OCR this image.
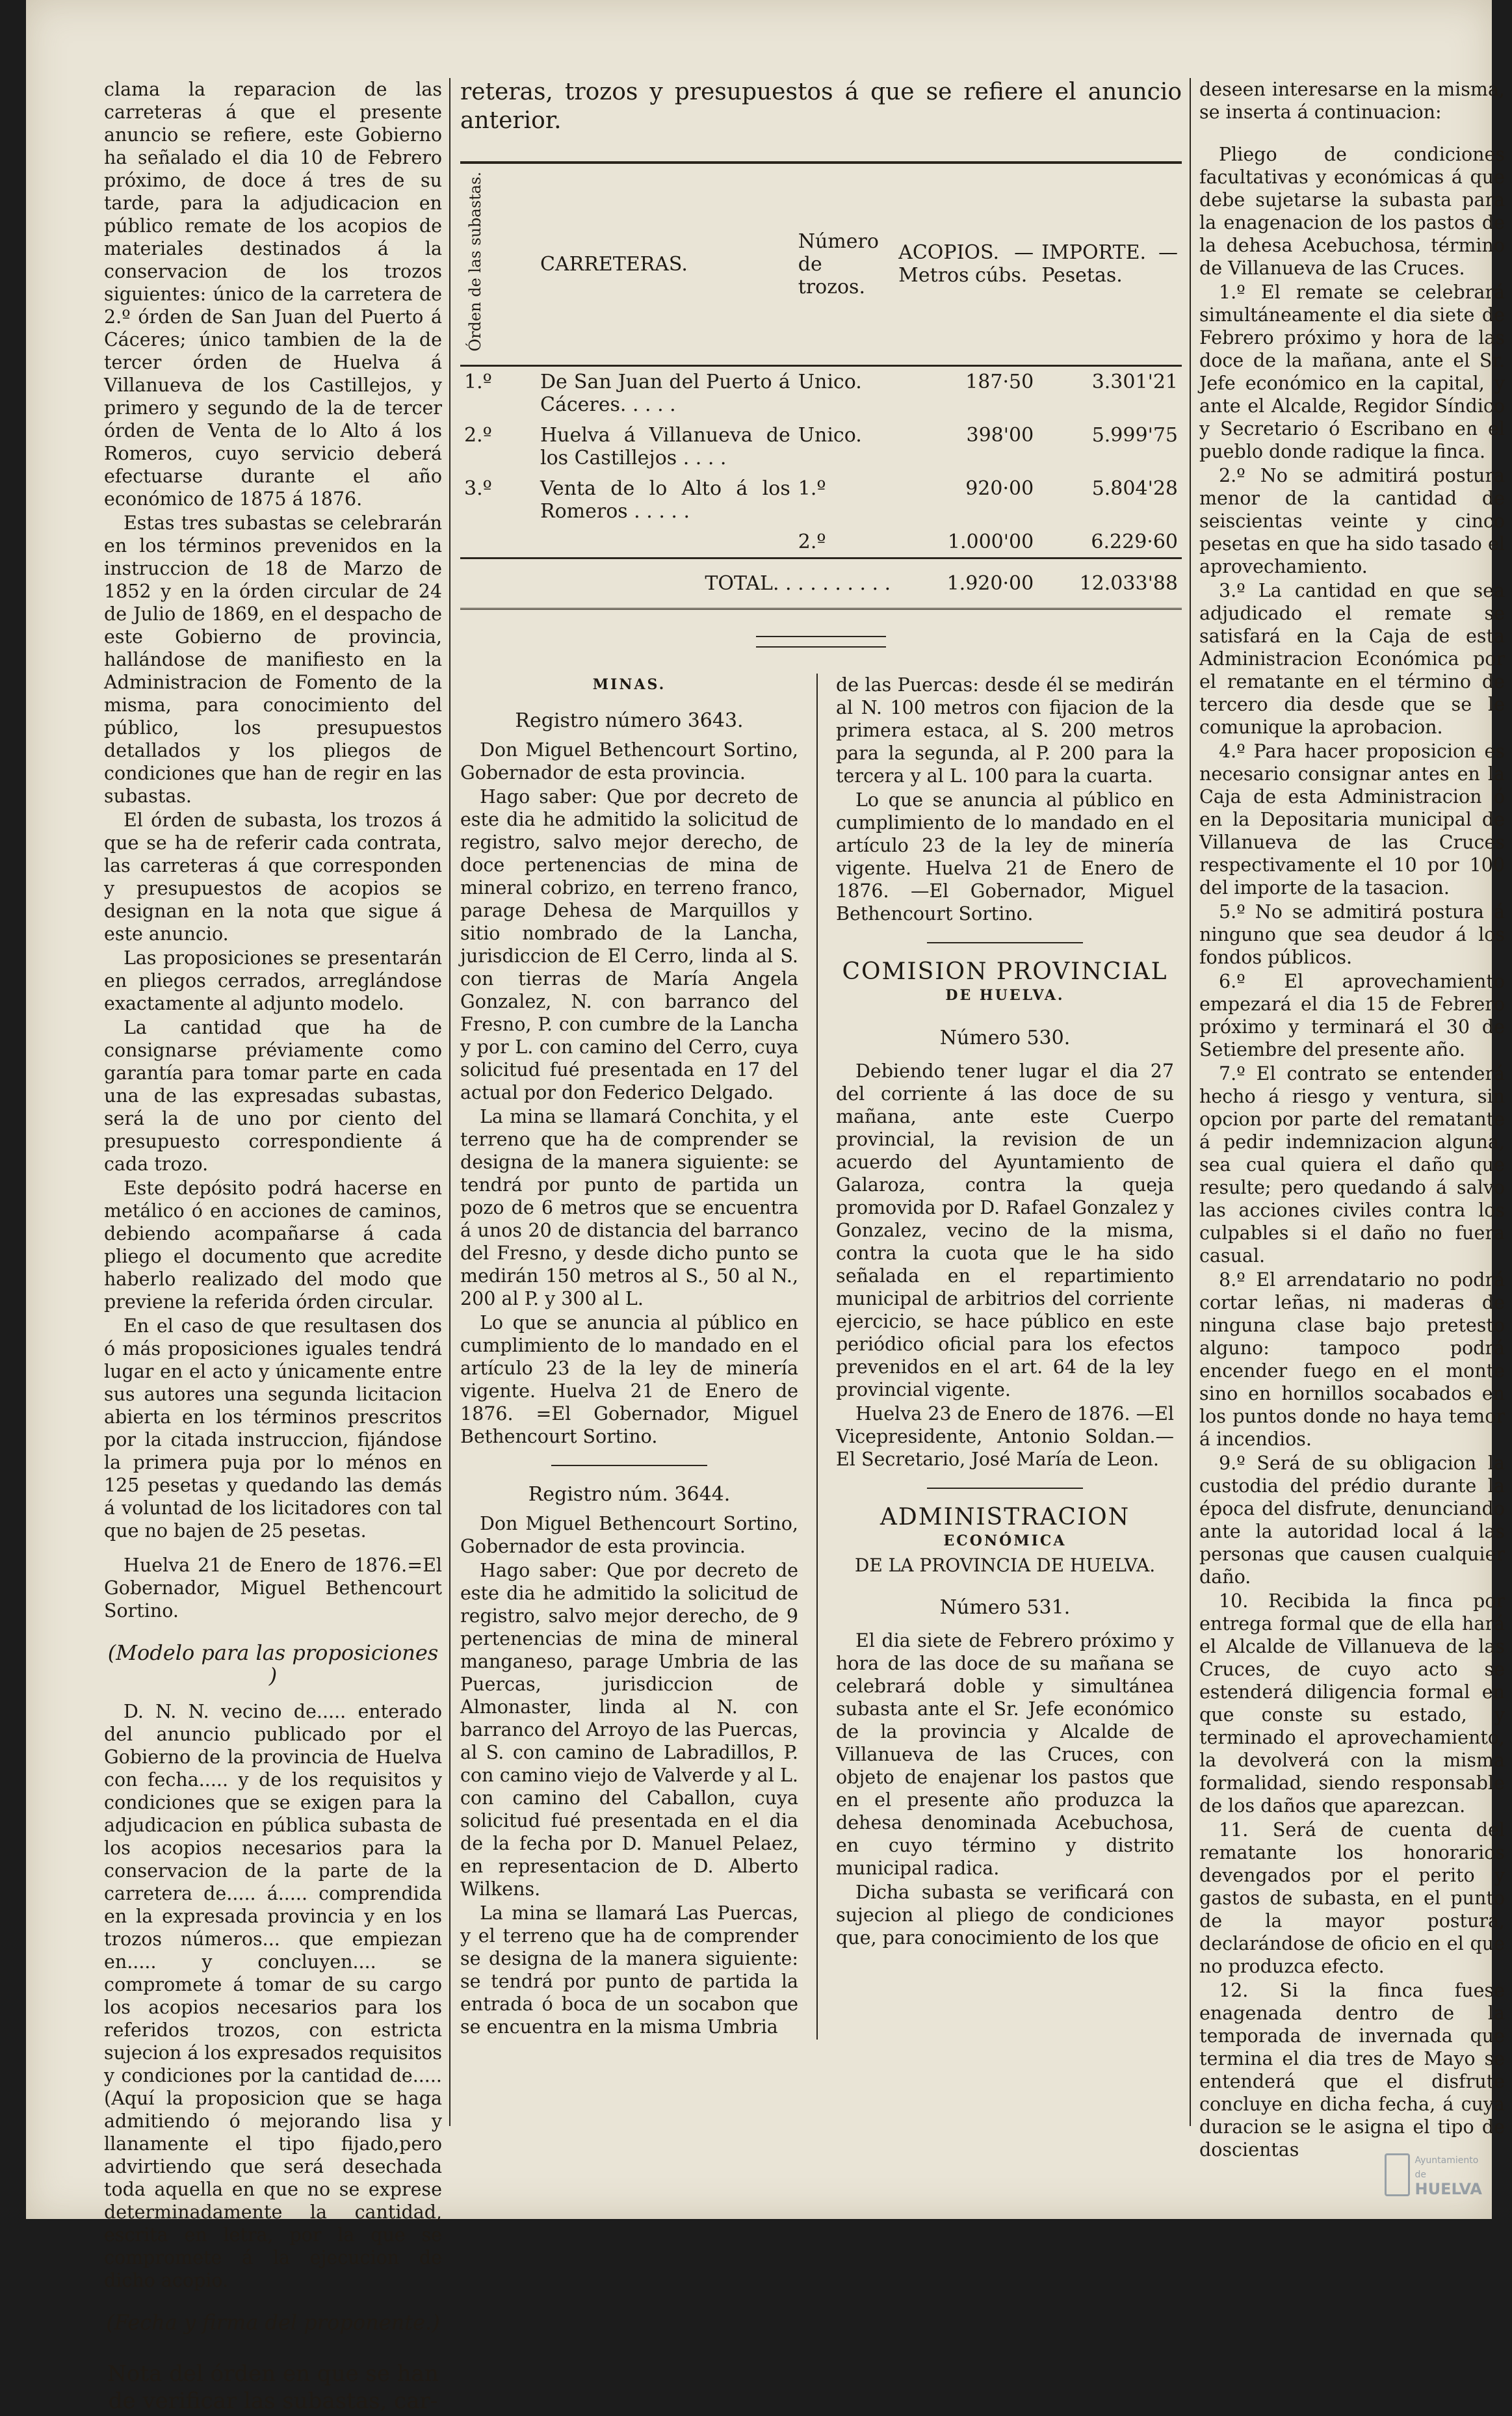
clama la reparacion de las carreteras á que el presente anuncio se refiere, este Gobierno ha señalado el dia 10 de Febrero próximo, de doce á tres de su tarde, para la adjudicacion en público remate de los acopios de materiales destinados á la conservacion de los trozos siguientes: único de la carretera de 2.º órden de San Juan del Puerto á Cáceres; único tambien de la de tercer órden de Huelva á Villanueva de los Castillejos, y primero y segundo de la de tercer órden de Venta de lo Alto á los Romeros, cuyo servicio deberá efectuarse durante el año económico de 1875 á 1876.

Estas tres subastas se celebrarán en los términos prevenidos en la instruccion de 18 de Marzo de 1852 y en la órden circular de 24 de Julio de 1869, en el despacho de este Gobierno de provincia, hallándose de manifiesto en la Administracion de Fomento de la misma, para conocimiento del público, los presupuestos detallados y los pliegos de condiciones que han de regir en las subastas.

El órden de subasta, los trozos á que se ha de referir cada contrata, las carreteras á que corresponden y presupuestos de acopios se designan en la nota que sigue á este anuncio.

Las proposiciones se presentarán en pliegos cerrados, arreglándose exactamente al adjunto modelo.

La cantidad que ha de consignarse préviamente como garantía para tomar parte en cada una de las expresadas subastas, será la de uno por ciento del presupuesto correspondiente á cada trozo.

Este depósito podrá hacerse en metálico ó en acciones de caminos, debiendo acompañarse á cada pliego el documento que acredite haberlo realizado del modo que previene la referida órden circular.

En el caso de que resultasen dos ó más proposiciones iguales tendrá lugar en el acto y únicamente entre sus autores una segunda licitacion abierta en los términos prescritos por la citada instruccion, fijándose la primera puja por lo ménos en 125 pesetas y quedando las demás á voluntad de los licitadores con tal que no bajen de 25 pesetas.

Huelva 21 de Enero de 1876.=El Gobernador, Miguel Bethencourt Sortino.

(Modelo para las proposiciones )

D. N. N. vecino de..... enterado del anuncio publicado por el Gobierno de la provincia de Huelva con fecha..... y de los requisitos y condiciones que se exigen para la adjudicacion en pública subasta de los acopios necesarios para la conservacion de la parte de la carretera de..... á..... comprendida en la expresada provincia y en los trozos números... que empiezan en..... y concluyen.... se compromete á tomar de su cargo los acopios necesarios para los referidos trozos, con estricta sujecion á los expresados requisitos y condiciones por la cantidad de..... (Aquí la proposicion que se haga admitiendo ó mejorando lisa y llanamente el tipo fijado,pero advirtiendo que será desechada toda aquella en que no se exprese determinadamente la cantidad, escrita en letra, por la que se compromete á la ejecucion de dicho acopio.

(Fecha y firma del proponente.)

Nota del órden en que se han de verificar las subastas, car-

reteras, trozos y presupuestos á que se refiere el anuncio anterior.

Órden de las subastas.	CARRETERAS.	Número de trozos.	ACOPIOS. — Metros cúbs.	IMPORTE. — Pesetas.
1.º	De San Juan del Puerto á Cáceres. . . . .	Unico.	187·50	3.301'21
2.º	Huelva á Villanueva de los Castillejos . . . .	Unico.	398'00	5.999'75
3.º	Venta de lo Alto á los Romeros . . . . .	1.º	920·00	5.804'28
		2.º	1.000'00	6.229·60
	TOTAL. . . . . . . . . .		1.920·00	12.033'88

MINAS.

Registro número 3643.

Don Miguel Bethencourt Sortino, Gobernador de esta provincia.

Hago saber: Que por decreto de este dia he admitido la solicitud de registro, salvo mejor derecho, de doce pertenencias de mina de mineral cobrizo, en terreno franco, parage Dehesa de Marquillos y sitio nombrado de la Lancha, jurisdiccion de El Cerro, linda al S. con tierras de María Angela Gonzalez, N. con barranco del Fresno, P. con cumbre de la Lancha y por L. con camino del Cerro, cuya solicitud fué presentada en 17 del actual por don Federico Delgado.

La mina se llamará Conchita, y el terreno que ha de comprender se designa de la manera siguiente: se tendrá por punto de partida un pozo de 6 metros que se encuentra á unos 20 de distancia del barranco del Fresno, y desde dicho punto se medirán 150 metros al S., 50 al N., 200 al P. y 300 al L.

Lo que se anuncia al público en cumplimiento de lo mandado en el artículo 23 de la ley de minería vigente. Huelva 21 de Enero de 1876. =El Gobernador, Miguel Bethencourt Sortino.

Registro núm. 3644.

Don Miguel Bethencourt Sortino, Gobernador de esta provincia.

Hago saber: Que por decreto de este dia he admitido la solicitud de registro, salvo mejor derecho, de 9 pertenencias de mina de mineral manganeso, parage Umbria de las Puercas, jurisdiccion de Almonaster, linda al N. con barranco del Arroyo de las Puercas, al S. con camino de Labradillos, P. con camino viejo de Valverde y al L. con camino del Caballon, cuya solicitud fué presentada en el dia de la fecha por D. Manuel Pelaez, en representacion de D. Alberto Wilkens.

La mina se llamará Las Puercas, y el terreno que ha de comprender se designa de la manera siguiente: se tendrá por punto de partida la entrada ó boca de un socabon que se encuentra en la misma Umbria

de las Puercas: desde él se medirán al N. 100 metros con fijacion de la primera estaca, al S. 200 metros para la segunda, al P. 200 para la tercera y al L. 100 para la cuarta.

Lo que se anuncia al público en cumplimiento de lo mandado en el artículo 23 de la ley de minería vigente. Huelva 21 de Enero de 1876. —El Gobernador, Miguel Bethencourt Sortino.

COMISION PROVINCIAL

DE HUELVA.

Número 530.

Debiendo tener lugar el dia 27 del corriente á las doce de su mañana, ante este Cuerpo provincial, la revision de un acuerdo del Ayuntamiento de Galaroza, contra la queja promovida por D. Rafael Gonzalez y Gonzalez, vecino de la misma, contra la cuota que le ha sido señalada en el repartimiento municipal de arbitrios del corriente ejercicio, se hace público en este periódico oficial para los efectos prevenidos en el art. 64 de la ley provincial vigente.

Huelva 23 de Enero de 1876. —El Vicepresidente, Antonio Soldan.—El Secretario, José María de Leon.

ADMINISTRACION

ECONÓMICA

DE LA PROVINCIA DE HUELVA.

Número 531.

El dia siete de Febrero próximo y hora de las doce de su mañana se celebrará doble y simultánea subasta ante el Sr. Jefe económico de la provincia y Alcalde de Villanueva de las Cruces, con objeto de enajenar los pastos que en el presente año produzca la dehesa denominada Acebuchosa, en cuyo término y distrito municipal radica.

Dicha subasta se verificará con sujecion al pliego de condiciones que, para conocimiento de los que

deseen interesarse en la misma, se inserta á continuacion:

Pliego de condiciones facultativas y económicas á que debe sujetarse la subasta para la enagenacion de los pastos de la dehesa Acebuchosa, término de Villanueva de las Cruces.

1.º El remate se celebrará simultáneamente el dia siete de Febrero próximo y hora de las doce de la mañana, ante el Sr. Jefe económico en la capital, y ante el Alcalde, Regidor Síndico y Secretario ó Escribano en el pueblo donde radique la finca.

2.º No se admitirá postura menor de la cantidad de seiscientas veinte y cinco pesetas en que ha sido tasado el aprovechamiento.

3.º La cantidad en que sea adjudicado el remate se satisfará en la Caja de esta Administracion Económica por el rematante en el término de tercero dia desde que se le comunique la aprobacion.

4.º Para hacer proposicion es necesario consignar antes en la Caja de esta Administracion ó en la Depositaria municipal de Villanueva de las Cruces respectivamente el 10 por 100 del importe de la tasacion.

5.º No se admitirá postura á ninguno que sea deudor á los fondos públicos.

6.º El aprovechamiento empezará el dia 15 de Febrero próximo y terminará el 30 de Setiembre del presente año.

7.º El contrato se entenderá hecho á riesgo y ventura, sin opcion por parte del rematante á pedir indemnizacion alguna, sea cual quiera el daño que resulte; pero quedando á salvo las acciones civiles contra los culpables si el daño no fuera casual.

8.º El arrendatario no podrá cortar leñas, ni maderas de ninguna clase bajo pretesto alguno: tampoco podrá encender fuego en el monte sino en hornillos socabados en los puntos donde no haya temor á incendios.

9.º Será de su obligacion la custodia del prédio durante la época del disfrute, denunciando ante la autoridad local á las personas que causen cualquier daño.

10. Recibida la finca por entrega formal que de ella hará el Alcalde de Villanueva de las Cruces, de cuyo acto se estenderá diligencia formal en que conste su estado, y terminado el aprovechamiento, la devolverá con la misma formalidad, siendo responsable de los daños que aparezcan.

11. Será de cuenta del rematante los honorarios devengados por el perito y gastos de subasta, en el punto de la mayor postura, declarándose de oficio en el que no produzca efecto.

12. Si la finca fuese enagenada dentro de la temporada de invernada que termina el dia tres de Mayo se entenderá que el disfrute concluye en dicha fecha, á cuya duracion se le asigna el tipo de doscientas	Ayuntamiento de
HUELVA
